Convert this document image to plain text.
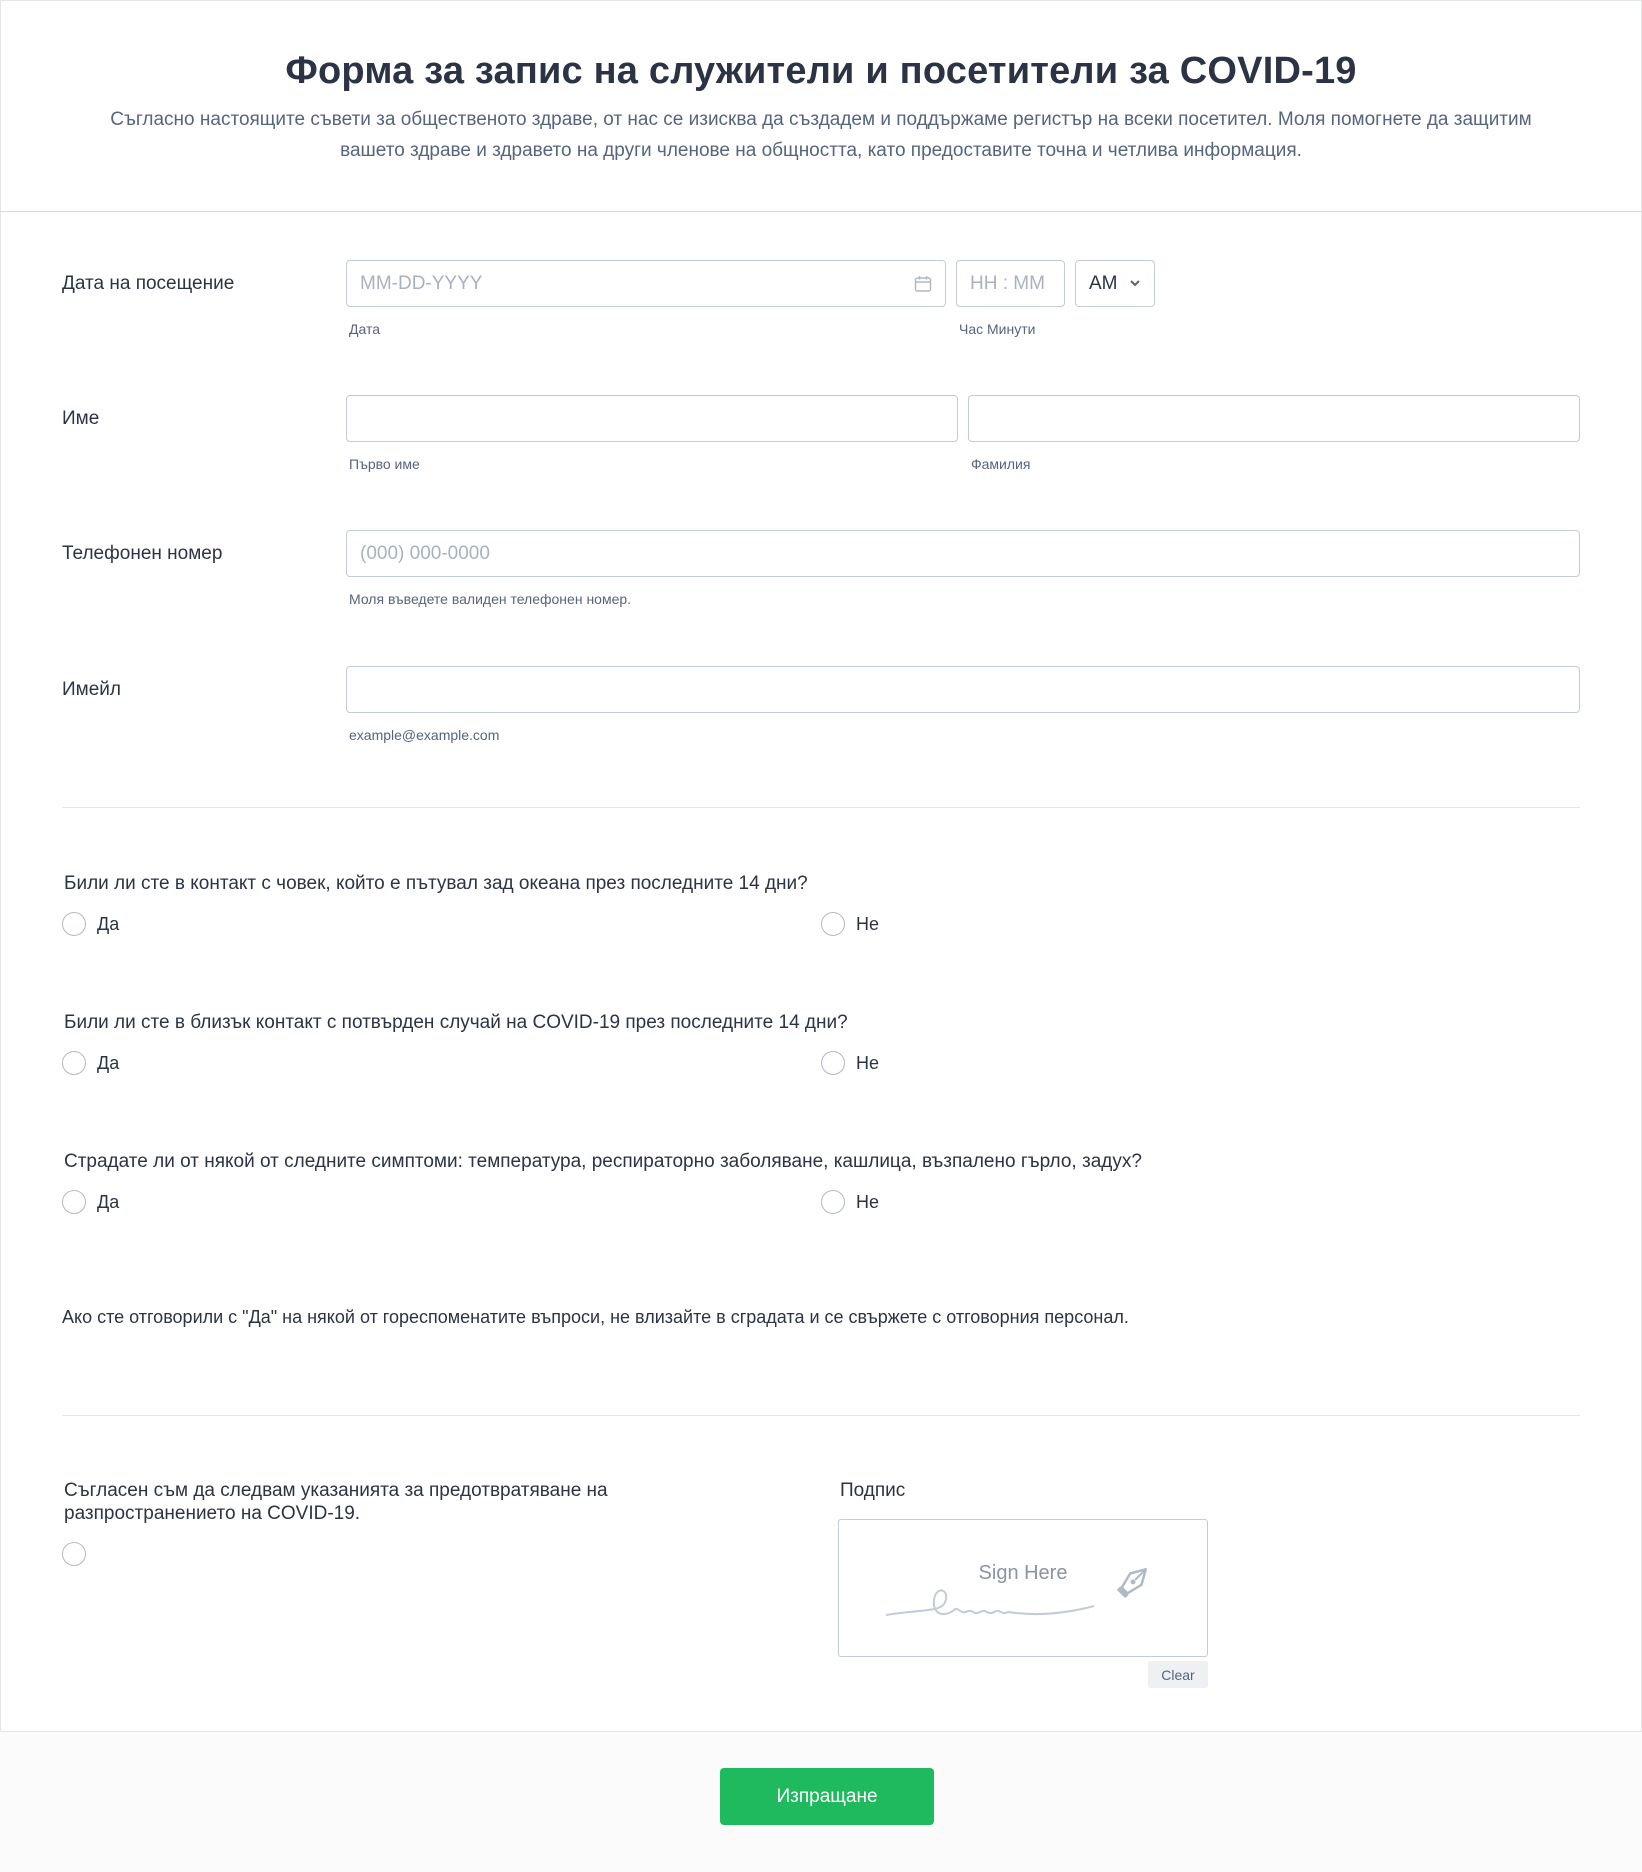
Форма за запис на служители и посетители за COVID-19

Съгласно настоящите съвети за общественото здраве, от нас се изисква да създадем и поддържаме регистър на всеки посетител. Моля помогнете да защитим вашето здраве и здравето на други членове на общността, като предоставите точна и четлива информация.

Дата на посещение
MM-DD-YYYY
Дата
HH : MM	Час Минути
AM
Име
Първо име	Фамилия
Телефонен номер
(000) 000-0000
Моля въведете валиден телефонен номер.
Имейл
example@example.com
Били ли сте в контакт с човек, който е пътувал зад океана през последните 14 дни?
Да	Не
Били ли сте в близък контакт с потвърден случай на COVID-19 през последните 14 дни?
Да	Не
Страдате ли от някой от следните симптоми: температура, респираторно заболяване, кашлица, възпалено гърло, задух?
Да	Не
Ако сте отговорили с "Да" на някой от гореспоменатите въпроси, не влизайте в сградата и се свържете с отговорния персонал.
Съгласен съм да следвам указанията за предотвратяване на разпространението на COVID-19.
Подпис
Sign Here
Clear
Изпращане
